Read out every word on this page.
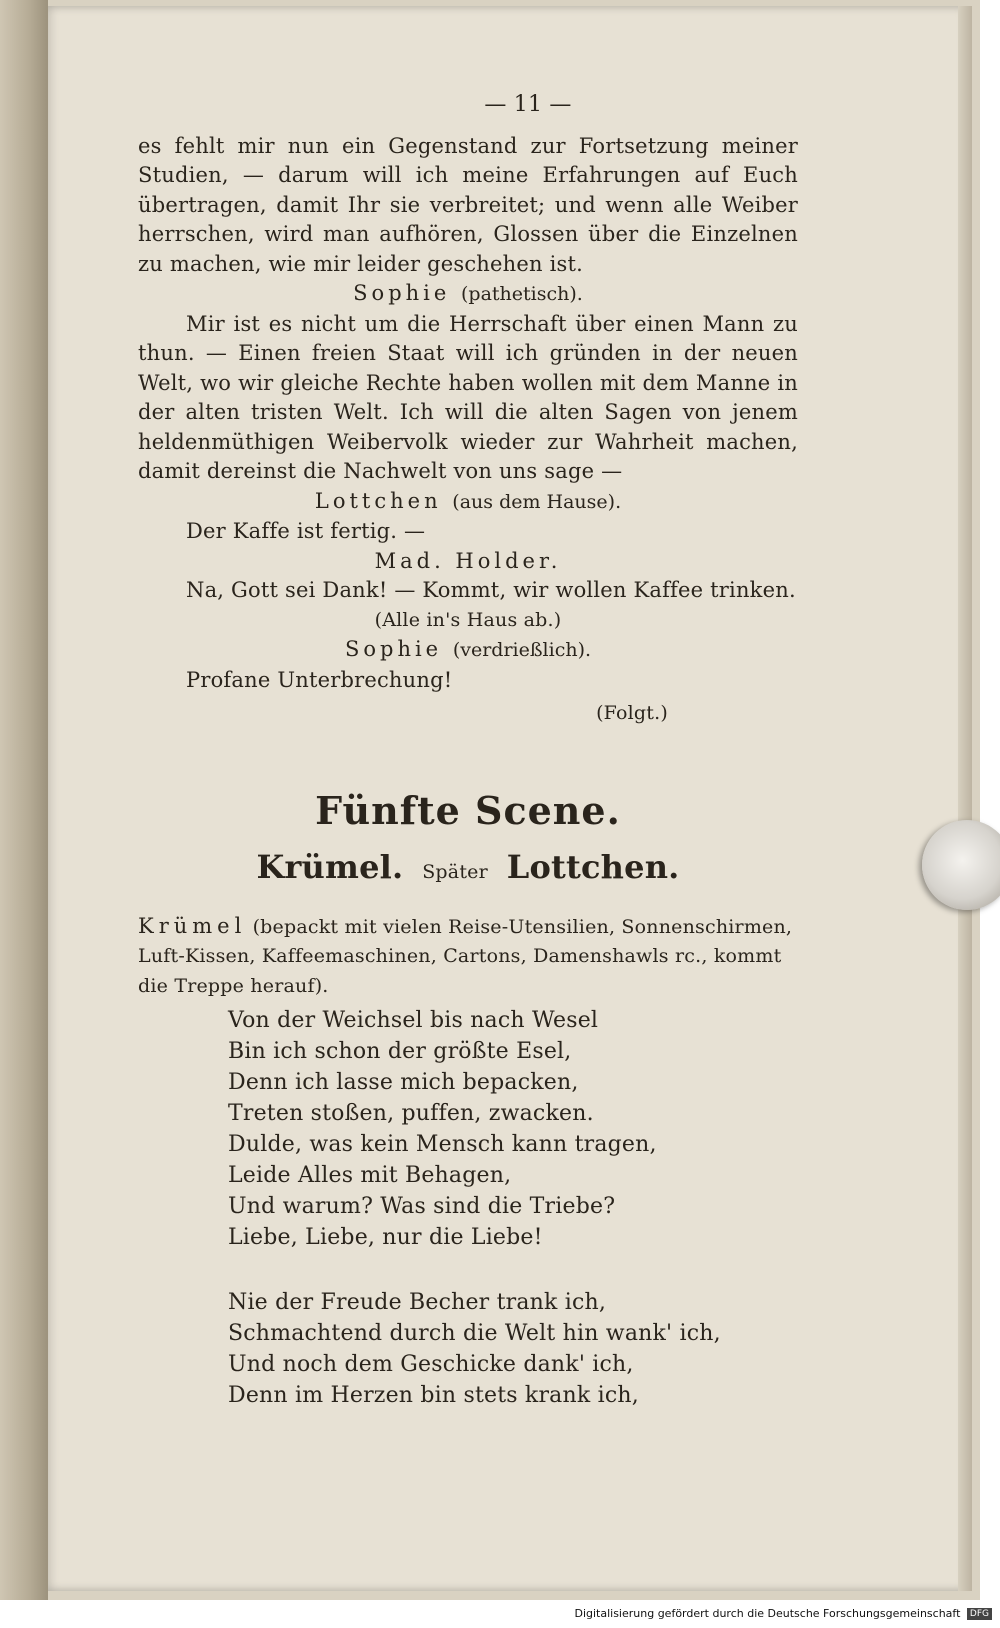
— 11 —
es fehlt mir nun ein Gegenstand zur Fortsetzung meiner Studien, — darum will ich meine Erfahrungen auf Euch übertragen, damit Ihr sie verbreitet; und wenn alle Weiber herrschen, wird man aufhören, Glossen über die Einzelnen zu machen, wie mir leider geschehen ist.
Sophie (pathetisch).
Mir ist es nicht um die Herrschaft über einen Mann zu thun. — Einen freien Staat will ich gründen in der neuen Welt, wo wir gleiche Rechte haben wollen mit dem Manne in der alten tristen Welt. Ich will die alten Sagen von jenem heldenmüthigen Weibervolk wieder zur Wahrheit machen, damit dereinst die Nachwelt von uns sage —
Lottchen (aus dem Hause).
Der Kaffe ist fertig. —
Mad. Holder.
Na, Gott sei Dank! — Kommt, wir wollen Kaffee trinken.
(Alle in's Haus ab.)
Sophie (verdrießlich).
Profane Unterbrechung!
(Folgt.)
Fünfte Scene.
Krümel. Später Lottchen.
Krümel (bepackt mit vielen Reise-Utensilien, Sonnenschirmen, Luft-Kissen, Kaffeemaschinen, Cartons, Damenshawls rc., kommt die Treppe herauf).
Von der Weichsel bis nach Wesel
Bin ich schon der größte Esel,
Denn ich lasse mich bepacken,
Treten stoßen, puffen, zwacken.
Dulde, was kein Mensch kann tragen,
Leide Alles mit Behagen,
Und warum? Was sind die Triebe?
Liebe, Liebe, nur die Liebe!
Nie der Freude Becher trank ich,
Schmachtend durch die Welt hin wank' ich,
Und noch dem Geschicke dank' ich,
Denn im Herzen bin stets krank ich,
Digitalisierung gefördert durch die Deutsche Forschungsgemeinschaft DFG
